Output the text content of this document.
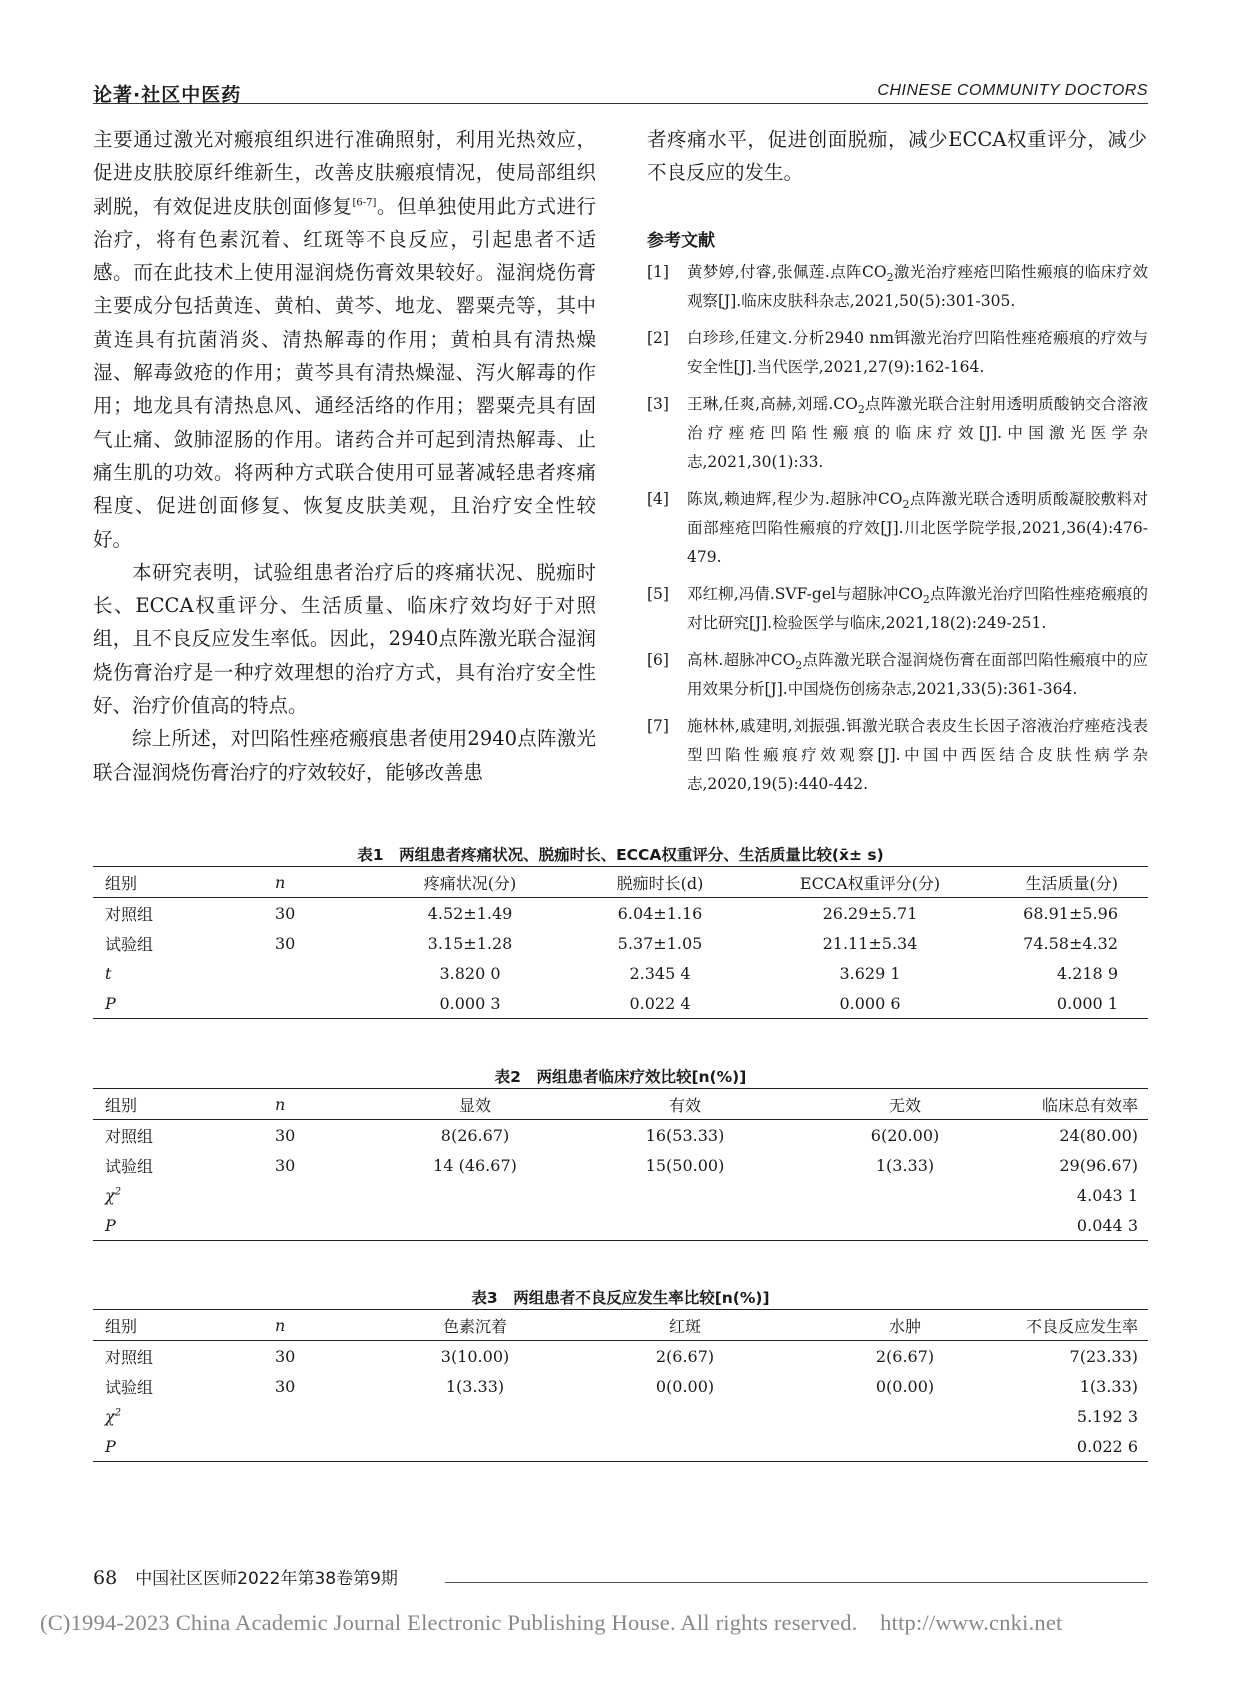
论著·社区中医药	CHINESE COMMUNITY DOCTORS

主要通过激光对瘢痕组织进行准确照射，利用光热效应，促进皮肤胶原纤维新生，改善皮肤瘢痕情况，使局部组织剥脱，有效促进皮肤创面修复[6-7]。但单独使用此方式进行治疗，将有色素沉着、红斑等不良反应，引起患者不适感。而在此技术上使用湿润烧伤膏效果较好。湿润烧伤膏主要成分包括黄连、黄柏、黄芩、地龙、罂粟壳等，其中黄连具有抗菌消炎、清热解毒的作用；黄柏具有清热燥湿、解毒敛疮的作用；黄芩具有清热燥湿、泻火解毒的作用；地龙具有清热息风、通经活络的作用；罂粟壳具有固气止痛、敛肺涩肠的作用。诸药合并可起到清热解毒、止痛生肌的功效。将两种方式联合使用可显著减轻患者疼痛程度、促进创面修复、恢复皮肤美观，且治疗安全性较好。

本研究表明，试验组患者治疗后的疼痛状况、脱痂时长、ECCA权重评分、生活质量、临床疗效均好于对照组，且不良反应发生率低。因此，2940点阵激光联合湿润烧伤膏治疗是一种疗效理想的治疗方式，具有治疗安全性好、治疗价值高的特点。

综上所述，对凹陷性痤疮瘢痕患者使用2940点阵激光联合湿润烧伤膏治疗的疗效较好，能够改善患

者疼痛水平，促进创面脱痂，减少ECCA权重评分，减少不良反应的发生。

参考文献
[1]	黄梦婷,付睿,张佩莲.点阵$CO_2$激光治疗痤疮凹陷性瘢痕的临床疗效观察[J].临床皮肤科杂志,2021,50(5):301-305.
[2]	白珍珍,任建文.分析2940 nm铒激光治疗凹陷性痤疮瘢痕的疗效与安全性[J].当代医学,2021,27(9):162-164.
[3]	王琳,任爽,高赫,刘瑶$.CO_2$点阵激光联合注射用透明质酸钠交合溶液治疗痤疮凹陷性瘢痕的临床疗效[J].中国激光医学杂志,2021,30(1):33.
[4]	陈岚,赖迪辉,程少为.超脉冲$CO_2$点阵激光联合透明质酸凝胶敷料对面部痤疮凹陷性瘢痕的疗效[J].川北医学院学报,2021,36(4):476-479.
[5]	邓红柳,冯倩.SVF-gel与超脉冲$CO_2$点阵激光治疗凹陷性痤疮瘢痕的对比研究[J].检验医学与临床,2021,18(2):249-251.
[6]	高林.超脉冲$CO_2$点阵激光联合湿润烧伤膏在面部凹陷性瘢痕中的应用效果分析[J].中国烧伤创疡杂志,2021,33(5):361-364.
[7]	施林林,戚建明,刘振强.铒激光联合表皮生长因子溶液治疗痤疮浅表型凹陷性瘢痕疗效观察[J].中国中西医结合皮肤性病学杂志,2020,19(5):440-442.
表1　两组患者疼痛状况、脱痂时长、ECCA权重评分、生活质量比较(x̄± s)
组别	n	疼痛状况(分)	脱痂时长(d)	ECCA权重评分(分)	生活质量(分)
对照组	30	4.52±1.49	6.04±1.16	26.29±5.71	68.91±5.96
试验组	30	3.15±1.28	5.37±1.05	21.11±5.34	74.58±4.32
t		3.820 0	2.345 4	3.629 1	4.218 9
P		0.000 3	0.022 4	0.000 6	0.000 1
表2　两组患者临床疗效比较[n(%)]
组别	n	显效	有效	无效	临床总有效率
对照组	30	8(26.67)	16(53.33)	6(20.00)	24(80.00)
试验组	30	14 (46.67)	15(50.00)	1(3.33)	29(96.67)
$\chi^2$					4.043 1
P					0.044 3
表3　两组患者不良反应发生率比较[n(%)]
组别	n	色素沉着	红斑	水肿	不良反应发生率
对照组	30	3(10.00)	2(6.67)	2(6.67)	7(23.33)
试验组	30	1(3.33)	0(0.00)	0(0.00)	1(3.33)
$\chi^2$					5.192 3
P					0.022 6
68 中国社区医师2022年第38卷第9期
(C)1994-2023 China Academic Journal Electronic Publishing House. All rights reserved.　http://www.cnki.net
